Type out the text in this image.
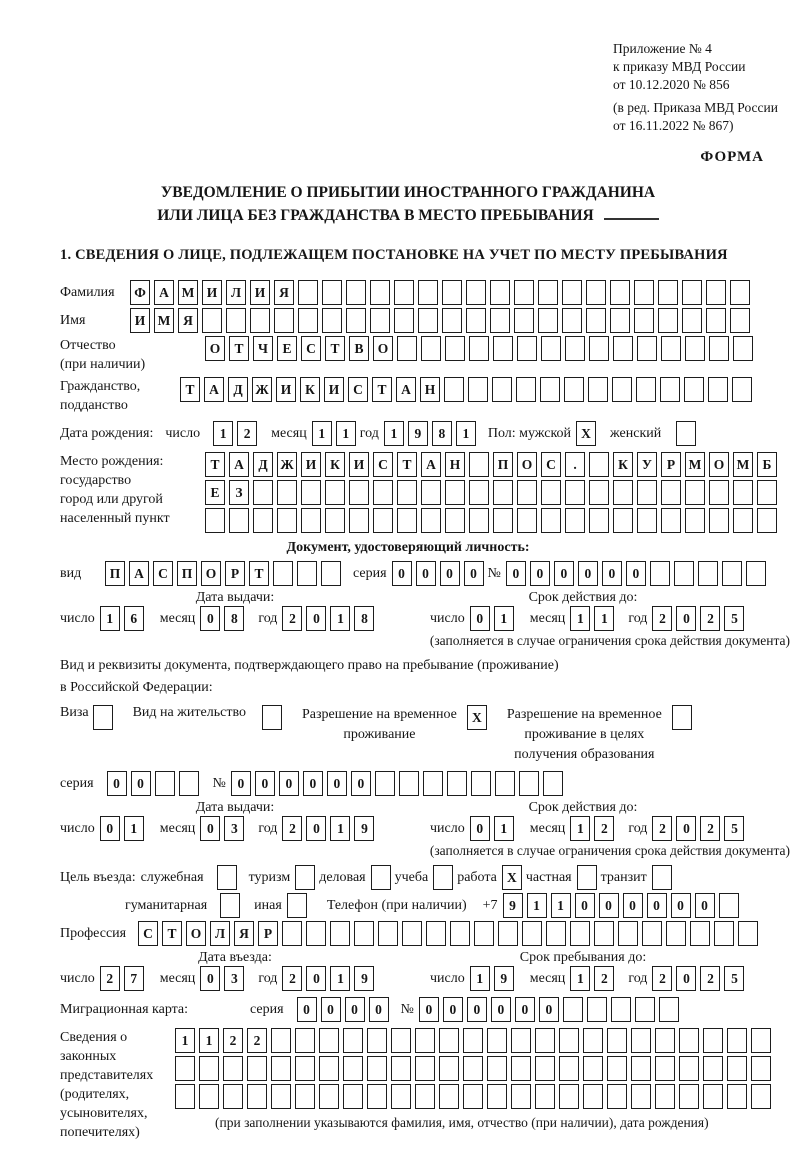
Приложение № 4
к приказу МВД России
от 10.12.2020 № 856
(в ред. Приказа МВД России
от 16.11.2022 № 867)
ФОРМА
УВЕДОМЛЕНИЕ О ПРИБЫТИИ ИНОСТРАННОГО ГРАЖДАНИНА
ИЛИ ЛИЦА БЕЗ ГРАЖДАНСТВА В МЕСТО ПРЕБЫВАНИЯ
1. СВЕДЕНИЯ О ЛИЦЕ, ПОДЛЕЖАЩЕМ ПОСТАНОВКЕ НА УЧЕТ ПО МЕСТУ ПРЕБЫВАНИЯ
Фамилия	Ф А М И	Л	И	Я
Имя	И М Я
Отчество
(при наличии)
О	Т	Ч	Е	С	Т	В	О
Гражданство,
подданство
Т	А	Д Ж И	К	И	С	Т	А	Н
Дата рождения: число	1	2	месяц 1	1 год 1	9	8	1	Пол: мужской X	женский
Место рождения:
государство
город или другой
населенный пункт
Т	А	Д Ж И	К	И	С	Т	А	Н	П О	С	.	К	У	Р	М О М Б
Е	З
Документ, удостоверяющий личность:
вид	П	А	С	П О	Р	Т	серия 0	0	0	0 № 0	0	0	0	0	0
Дата выдачи:	Срок действия до:
число 1	6	месяц 0	8	год 2	0	1	8	число 0	1	месяц 1	1	год 2	0	2	5
(заполняется в случае ограничения срока действия документа)
Вид и реквизиты документа, подтверждающего право на пребывание (проживание)
в Российской Федерации:
Виза	Вид на жительство	Разрешение на временное
проживание
X	Разрешение на временное
проживание в целях
получения образования
серия	0	0	№ 0	0	0	0	0	0
Дата выдачи:	Срок действия до:
число 0	1	месяц 0	3	год 2	0	1	9	число 0	1	месяц 1	2	год 2	0	2	5
(заполняется в случае ограничения срока действия документа)
Цель въезда: служебная	туризм деловая учеба работа X частная транзит
гуманитарная	иная	Телефон (при наличии) +7 9	1	1	0	0	0	0	0	0
Профессия	С	Т	О	Л	Я	Р
Дата въезда:	Срок пребывания до:
число 2	7	месяц 0	3	год 2	0	1	9	число 1	9	месяц 1	2	год 2	0	2	5
Миграционная карта:	серия	0	0	0	0	№ 0	0	0	0	0	0
Сведения о
законных
представителях
(родителях,
усыновителях,
попечителях)
1	1	2	2
(при заполнении указываются фамилия, имя, отчество (при наличии), дата рождения)
